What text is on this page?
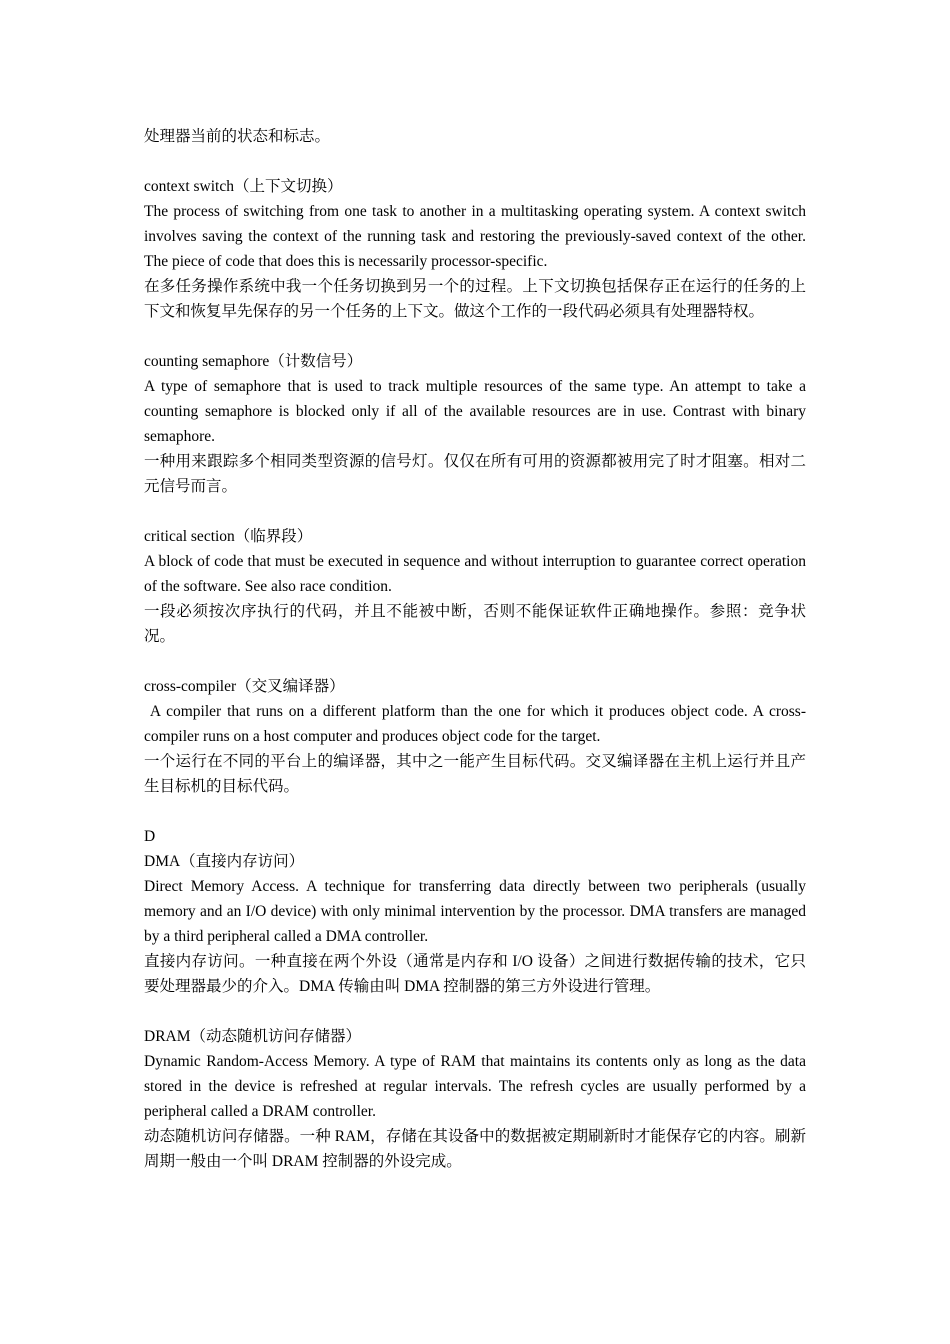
处理器当前的状态和标志。

context switch（上下文切换）

The process of switching from one task to another in a multitasking operating system. A context switch involves saving the context of the running task and restoring the previously-saved context of the other. The piece of code that does this is necessarily processor-specific.

在多任务操作系统中我一个任务切换到另一个的过程。上下文切换包括保存正在运行的任务的上下文和恢复早先保存的另一个任务的上下文。做这个工作的一段代码必须具有处理器特权。

counting semaphore（计数信号）

A type of semaphore that is used to track multiple resources of the same type. An attempt to take a counting semaphore is blocked only if all of the available resources are in use. Contrast with binary semaphore.

一种用来跟踪多个相同类型资源的信号灯。仅仅在所有可用的资源都被用完了时才阻塞。相对二元信号而言。

critical section（临界段）

A block of code that must be executed in sequence and without interruption to guarantee correct operation of the software. See also race condition.

一段必须按次序执行的代码，并且不能被中断，否则不能保证软件正确地操作。参照：竞争状况。

cross-compiler（交叉编译器）

A compiler that runs on a different platform than the one for which it produces object code. A cross-compiler runs on a host computer and produces object code for the target.

一个运行在不同的平台上的编译器，其中之一能产生目标代码。交叉编译器在主机上运行并且产生目标机的目标代码。

D

DMA（直接内存访问）

Direct Memory Access. A technique for transferring data directly between two peripherals (usually memory and an I/O device) with only minimal intervention by the processor. DMA transfers are managed by a third peripheral called a DMA controller.

直接内存访问。一种直接在两个外设（通常是内存和 I/O 设备）之间进行数据传输的技术，它只要处理器最少的介入。DMA 传输由叫 DMA 控制器的第三方外设进行管理。

DRAM（动态随机访问存储器）

Dynamic Random-Access Memory. A type of RAM that maintains its contents only as long as the data stored in the device is refreshed at regular intervals. The refresh cycles are usually performed by a peripheral called a DRAM controller.

动态随机访问存储器。一种 RAM，存储在其设备中的数据被定期刷新时才能保存它的内容。刷新周期一般由一个叫 DRAM 控制器的外设完成。
